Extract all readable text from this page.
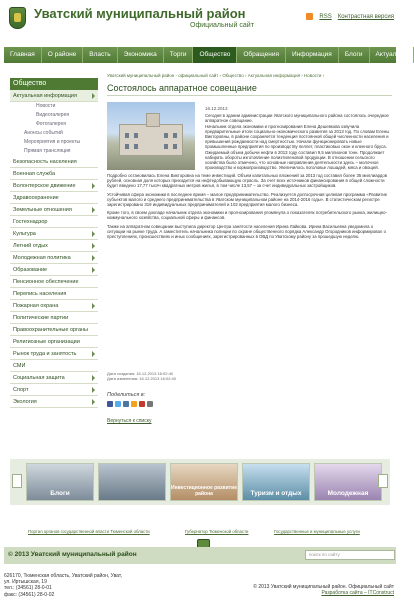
Уватский муниципальный район
Официальный сайт
RSS Контрастная версия
Главная	О районе	Власть	Экономика	Торги	Общество	Обращения	Информация	Блоги	Актуально
Общество
Актуальная информация
Новости
Видеогалерея
Фотогалерея
Анонсы событий
Мероприятия и проекты
Прямая трансляция
Безопасность населения
Военная служба
Волонтерское движение
Здравоохранение
Земельные отношения
Гостехнадзор
Культура
Летний отдых
Молодежная политика
Образование
Пенсионное обеспечение
Перепись населения
Пожарная охрана
Политические партии
Правоохранительные органы
Религиозные организации
Рынок труда и занятость
СМИ
Социальная защита
Спорт
Экология
Уватский муниципальный район - официальный сайт › Общество › Актуальная информация › Новости ›
Состоялось аппаратное совещание
16.12.2013

Сегодня в здании администрации Уватского муниципального района состоялось очередное аппаратное совещание.

Начальник отдела экономики и прогнозирования Елена Дешевкова озвучила предварительные итоги социально-экономического развития за 2013 год. По словам Елены Викторовны, в районе сохраняется тенденция постоянной общей численности населения и превышения рождаемости над смертностью. Начали функционировать новые промышленные предприятия по производству пеллет, пластиковых окон и клееного бруса. Ожидаемый объем добычи нефти в 2013 году составил 9,5 миллионов тонн. Продолжает набирать обороты изготовление полиэтиленовой продукции. В отношении сельского хозяйства было отмечено, что основные направления деятельности здесь – молочное производство и кормопроизводство. Увеличилось поголовье лошадей, мяса и овощей.

Подробно остановилась Елена Викторовна на теме инвестиций. Объем капитальных вложений за 2013 год составил более 35 миллиардов рублей, основная доля которых приходится на нефтедобывающую отрасль. За счет всех источников финансирования в общей сложности будет введено 17,77 тысяч квадратных метров жилья, в том числе 13,57 – за счет индивидуальных застройщиков.

Устойчивая сфера экономики в последнее время – малое предпринимательство. Реализуется долгосрочная целевая программа «Развитие субъектов малого и среднего предпринимательства в Уватском муниципальном районе на 2014-2016 годы». В статистическом регистре зарегистрировано 319 индивидуальных предпринимателей и 102 предприятия малого бизнеса.

Кроме того, в своем докладе начальник отдела экономики и прогнозирования упомянула о показателях потребительского рынка, жилищно-коммунального хозяйства, социальной сферы и финансов.

Также на аппаратном совещании выступила директор Центра занятости населения Ирина Лайкова. Ирина Васильевна уведомила о ситуации на рынке труда. А заместитель начальника полиции по охране общественного порядка Александр Огородников информировал о преступлениях, происшествиях и иных сообщениях, зарегистрированных в ОВД по Уватскому району за прошедшую неделю.

Дата создания: 16.12.2013 16:02:40
Дата изменения: 16.12.2013 16:02:40
Поделиться в:
Вернуться к списку
Блоги
Инвестиционное развитие района	Туризм и отдых	Молодежная
Портал органов государственной власти Тюменской области	Губернатор Тюменской области	Государственные и муниципальные услуги
© 2013 Уватский муниципальный район	поиск по сайту
626170, Тюменская область, Уватский район, Уват,
ул. Иртышская, 19
тел.: (34561) 28-0-01
факс: (34561) 28-0-02
© 2013 Уватский муниципальный район. Официальный сайт
Разработка сайта – ITConstruct
